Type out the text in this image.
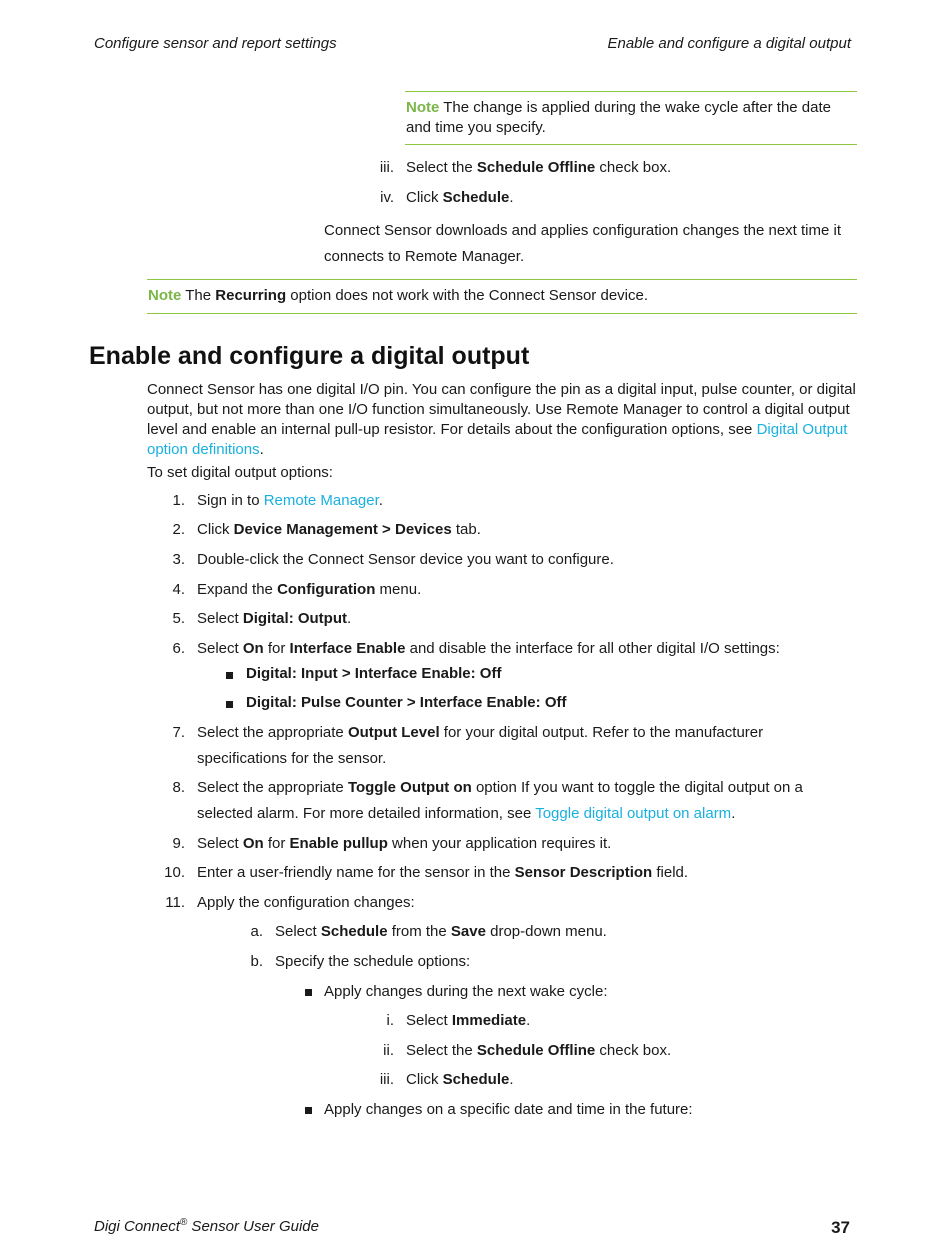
Configure sensor and report settings	Enable and configure a digital output
Note The change is applied during the wake cycle after the date and time you specify.
iii. Select the Schedule Offline check box.
iv. Click Schedule.
Connect Sensor downloads and applies configuration changes the next time it connects to Remote Manager.
Note The Recurring option does not work with the Connect Sensor device.
Enable and configure a digital output
Connect Sensor has one digital I/O pin. You can configure the pin as a digital input, pulse counter, or digital output, but not more than one I/O function simultaneously. Use Remote Manager to control a digital output level and enable an internal pull-up resistor. For details about the configuration options, see Digital Output option definitions.
To set digital output options:
1. Sign in to Remote Manager.
2. Click Device Management > Devices tab.
3. Double-click the Connect Sensor device you want to configure.
4. Expand the Configuration menu.
5. Select Digital: Output.
6. Select On for Interface Enable and disable the interface for all other digital I/O settings:
Digital: Input > Interface Enable: Off
Digital: Pulse Counter > Interface Enable: Off
7. Select the appropriate Output Level for your digital output. Refer to the manufacturer
specifications for the sensor.
8. Select the appropriate Toggle Output on option If you want to toggle the digital output on a
selected alarm. For more detailed information, see Toggle digital output on alarm.
9. Select On for Enable pullup when your application requires it.
10. Enter a user-friendly name for the sensor in the Sensor Description field.
11. Apply the configuration changes:
a. Select Schedule from the Save drop-down menu.
b. Specify the schedule options:
Apply changes during the next wake cycle:
i. Select Immediate.
ii. Select the Schedule Offline check box.
iii. Click Schedule.
Apply changes on a specific date and time in the future:
Digi Connect® Sensor User Guide	37
